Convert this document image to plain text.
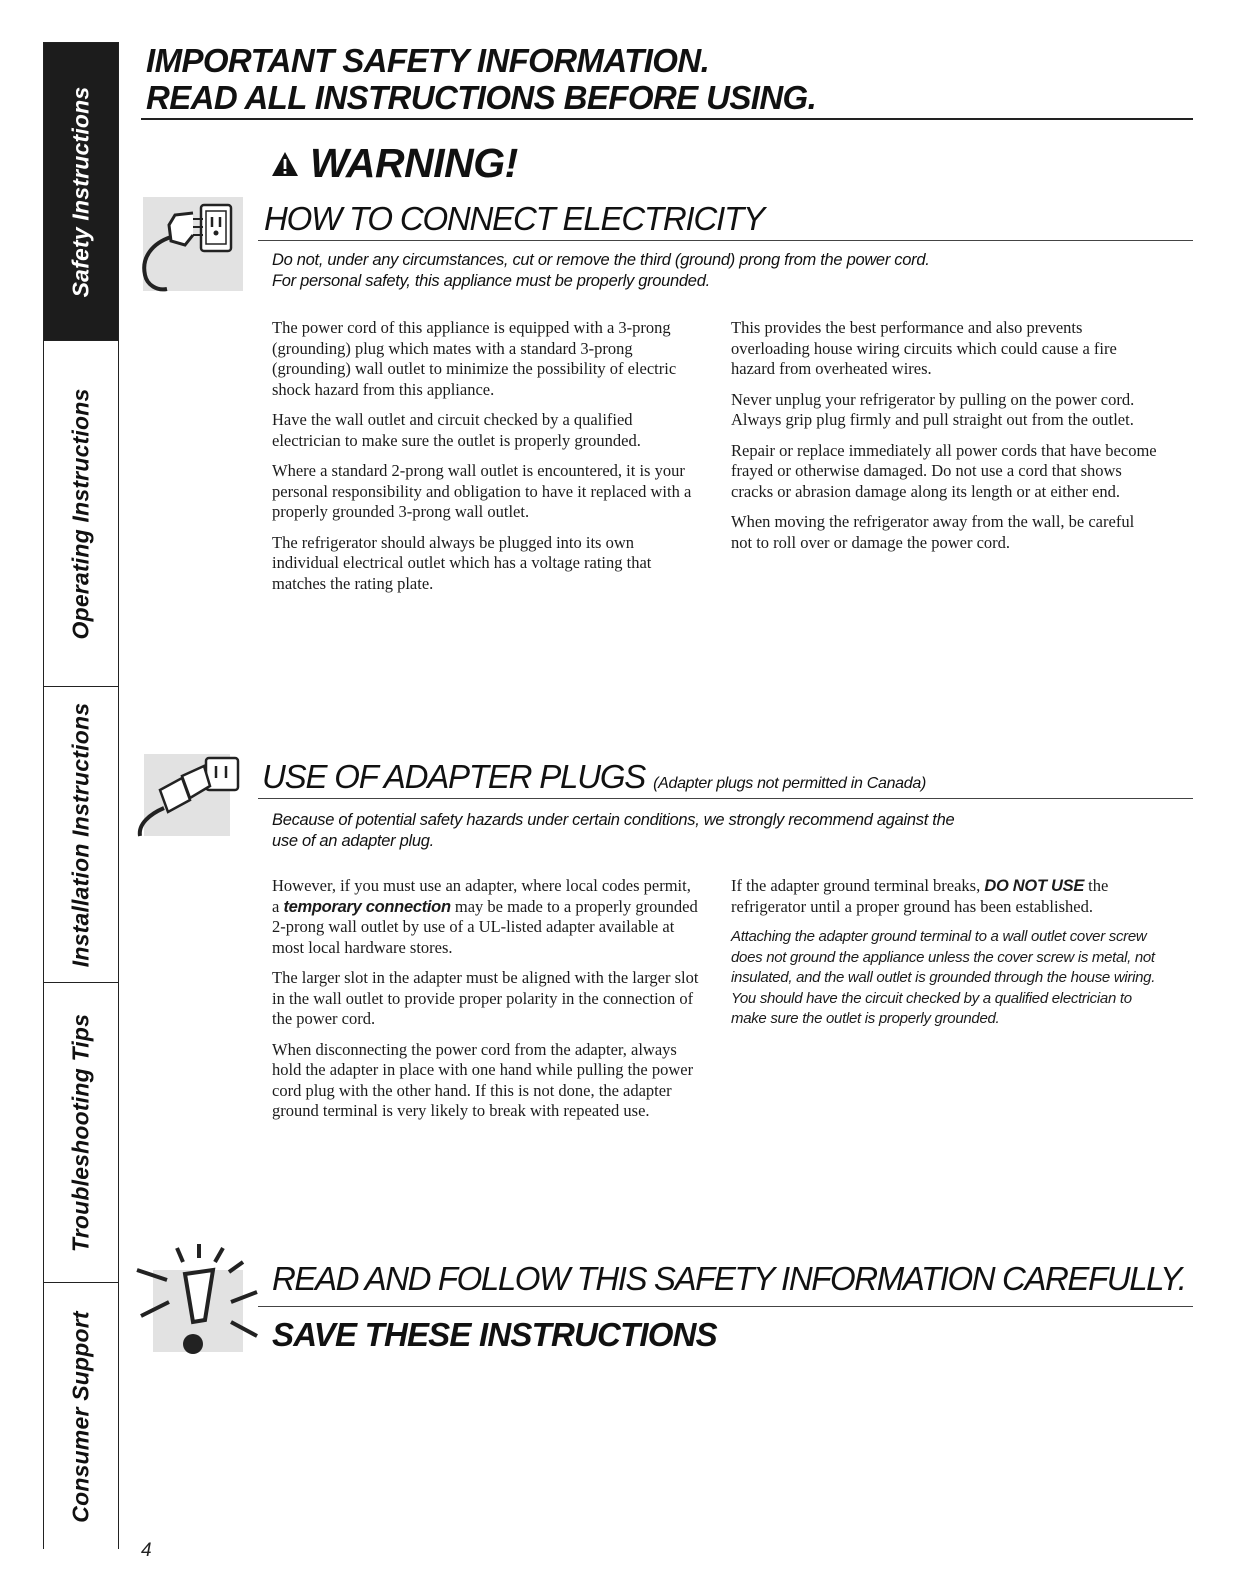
Safety Instructions
Operating Instructions
Installation Instructions
Troubleshooting Tips
Consumer Support
IMPORTANT SAFETY INFORMATION.
READ ALL INSTRUCTIONS BEFORE USING.
WARNING!
HOW TO CONNECT ELECTRICITY
Do not, under any circumstances, cut or remove the third (ground) prong from the power cord.
For personal safety, this appliance must be properly grounded.

The power cord of this appliance is equipped with a 3-prong (grounding) plug which mates with a standard 3-prong (grounding) wall outlet to minimize the possibility of electric shock hazard from this appliance.

Have the wall outlet and circuit checked by a qualified electrician to make sure the outlet is properly grounded.

Where a standard 2-prong wall outlet is encountered, it is your personal responsibility and obligation to have it replaced with a properly grounded 3-prong wall outlet.

The refrigerator should always be plugged into its own individual electrical outlet which has a voltage rating that matches the rating plate.

This provides the best performance and also prevents overloading house wiring circuits which could cause a fire hazard from overheated wires.

Never unplug your refrigerator by pulling on the power cord. Always grip plug firmly and pull straight out from the outlet.

Repair or replace immediately all power cords that have become frayed or otherwise damaged. Do not use a cord that shows cracks or abrasion damage along its length or at either end.

When moving the refrigerator away from the wall, be careful not to roll over or damage the power cord.

USE OF ADAPTER PLUGS (Adapter plugs not permitted in Canada)
Because of potential safety hazards under certain conditions, we strongly recommend against the
use of an adapter plug.

However, if you must use an adapter, where local codes permit, a temporary connection may be made to a properly grounded 2-prong wall outlet by use of a UL-listed adapter available at most local hardware stores.

The larger slot in the adapter must be aligned with the larger slot in the wall outlet to provide proper polarity in the connection of the power cord.

When disconnecting the power cord from the adapter, always hold the adapter in place with one hand while pulling the power cord plug with the other hand. If this is not done, the adapter ground terminal is very likely to break with repeated use.

If the adapter ground terminal breaks, DO NOT USE the refrigerator until a proper ground has been established.

Attaching the adapter ground terminal to a wall outlet cover screw does not ground the appliance unless the cover screw is metal, not insulated, and the wall outlet is grounded through the house wiring. You should have the circuit checked by a qualified electrician to make sure the outlet is properly grounded.

READ AND FOLLOW THIS SAFETY INFORMATION CAREFULLY.
SAVE THESE INSTRUCTIONS
4
